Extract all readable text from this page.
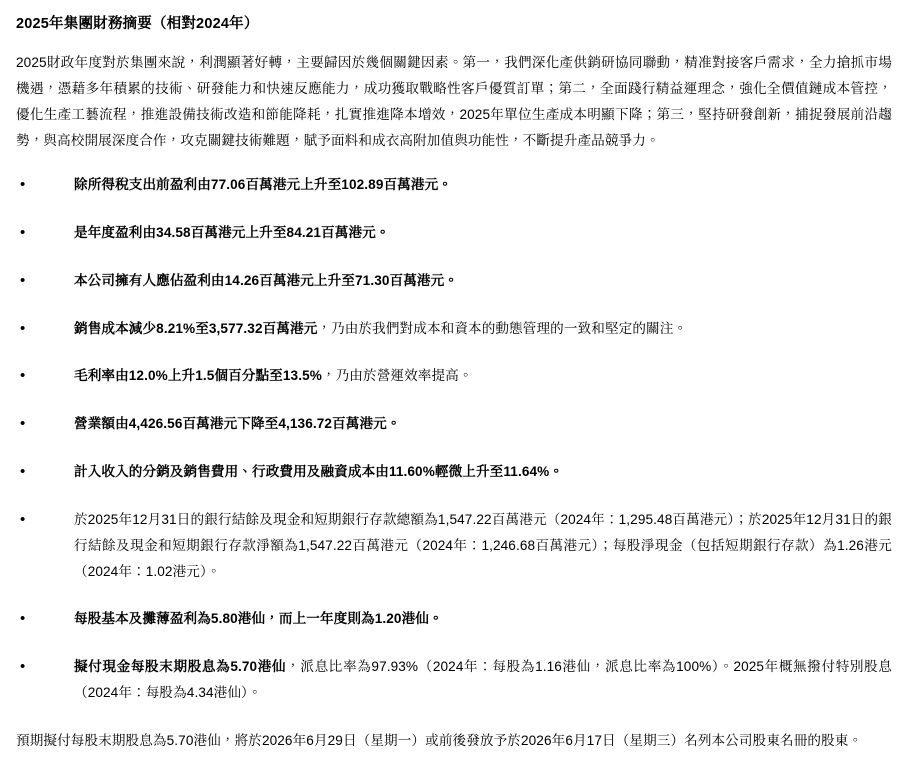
2025年集團財務摘要（相對2024年）

2025財政年度對於集團來說，利潤顯著好轉，主要歸因於幾個關鍵因素。第一，我們深化產供銷研協同聯動，精准對接客戶需求，全力搶抓市場機遇，憑藉多年積累的技術、研發能力和快速反應能力，成功獲取戰略性客戶優質訂單；第二，全面踐行精益運理念，強化全價值鏈成本管控，優化生產工藝流程，推進設備技術改造和節能降耗，扎實推進降本增效，2025年單位生產成本明顯下降；第三，堅持研發創新，捕捉發展前沿趨勢，與高校開展深度合作，攻克關鍵技術難題，賦予面料和成衣高附加值與功能性，不斷提升產品競爭力。

• 除所得稅支出前盈利由77.06百萬港元上升至102.89百萬港元。
• 是年度盈利由34.58百萬港元上升至84.21百萬港元。
• 本公司擁有人應佔盈利由14.26百萬港元上升至71.30百萬港元。
• 銷售成本減少8.21%至3,577.32百萬港元，乃由於我們對成本和資本的動態管理的一致和堅定的關注。
• 毛利率由12.0%上升1.5個百分點至13.5%，乃由於營運效率提高。
• 營業額由4,426.56百萬港元下降至4,136.72百萬港元。
• 計入收入的分銷及銷售費用、行政費用及融資成本由11.60%輕微上升至11.64%。
• 於2025年12月31日的銀行結餘及現金和短期銀行存款總額為1,547.22百萬港元（2024年：1,295.48百萬港元）；於2025年12月31日的銀行結餘及現金和短期銀行存款淨額為1,547.22百萬港元（2024年：1,246.68百萬港元）；每股淨現金（包括短期銀行存款）為1.26港元（2024年：1.02港元）。
• 每股基本及攤薄盈利為5.80港仙，而上一年度則為1.20港仙。
• 擬付現金每股末期股息為5.70港仙，派息比率為97.93%（2024年：每股為1.16港仙，派息比率為100%）。2025年概無撥付特別股息（2024年：每股為4.34港仙）。

預期擬付每股末期股息為5.70港仙，將於2026年6月29日（星期一）或前後發放予於2026年6月17日（星期三）名列本公司股東名冊的股東。
